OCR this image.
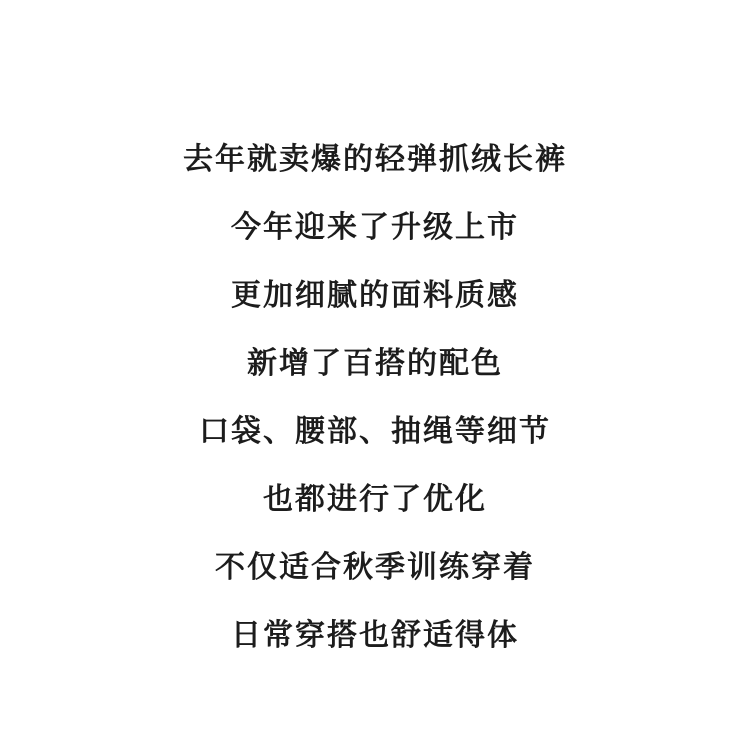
去年就卖爆的轻弹抓绒长裤
今年迎来了升级上市
更加细腻的面料质感
新增了百搭的配色
口袋、腰部、抽绳等细节
也都进行了优化
不仅适合秋季训练穿着
日常穿搭也舒适得体
